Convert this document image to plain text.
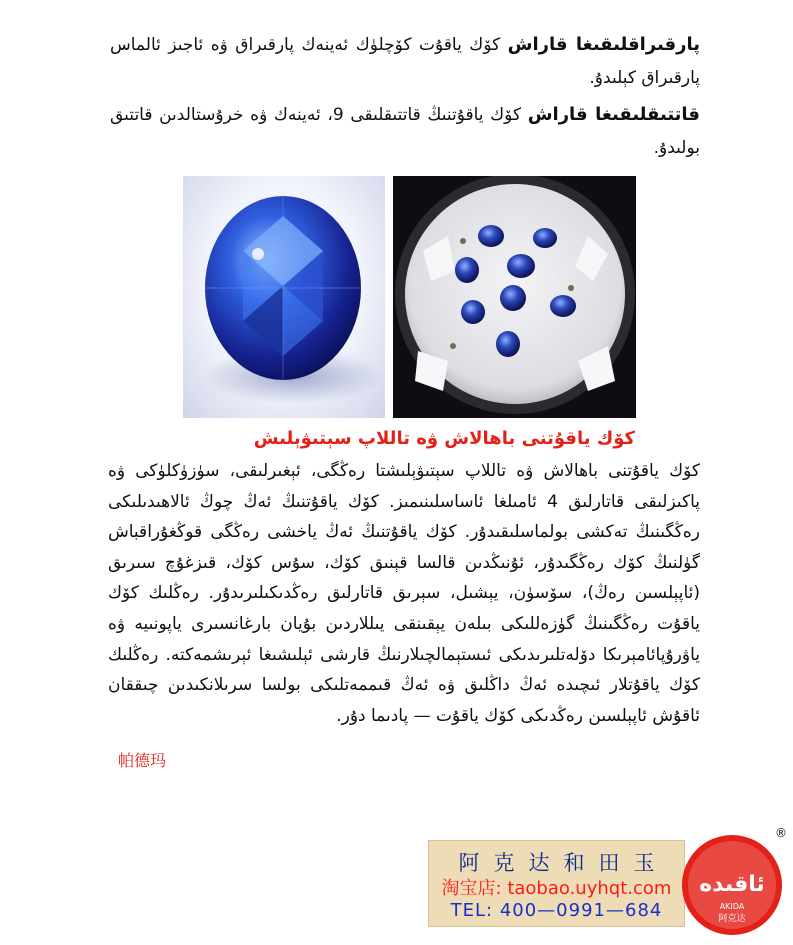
پارقىراقلىقىغا قاراش كۆك ياقۇت كۆچلۈك ئەينەك پارقىراق ۋە ئاجىز ئالماس پارقىراق كېلىدۇ.

قاتتىقلىقىغا قاراش كۆك ياقۇتنىڭ قاتتىقلىقى 9، ئەينەك ۋە خرۇستالدىن قاتتىق بولىدۇ.

كۆك ياقۇتنى باھالاش ۋە تاللاپ سېتىۋېلىش

كۆك ياقۇتنى باھالاش ۋە تاللاپ سېتىۋېلىشتا رەڭگى، ئېغىرلىقى، سۈزۈكلۈكى ۋە پاكىزلىقى قاتارلىق 4 ئامىلغا ئاساسلىنىمىز. كۆك ياقۇتنىڭ ئەڭ چوڭ ئالاھىدىلىكى رەڭگىنىڭ تەكشى بولماسلىقىدۇر. كۆك ياقۇتنىڭ ئەڭ ياخشى رەڭگى قوڭغۇراقباش گۈلنىڭ كۆك رەڭگىدۇر، ئۇنىڭدىن قالسا قېنىق كۆك، سۇس كۆك، قىزغۇچ سىرىق (ئاپېلسىن رەڭ)، سۆسۈن، يېشىل، سېرىق قاتارلىق رەڭدىكىلىرىدۇر. رەڭلىك كۆك ياقۇت رەڭگىنىڭ گۈزەللىكى بىلەن يېقىنقى يىللاردىن بۇيان بارغانسىرى ياپونىيە ۋە ياۋرۇپائامېرىكا دۆلەتلىرىدىكى ئىستېمالچىلارنىڭ قارشى ئېلىشىغا ئېرىشمەكتە. رەڭلىك كۆك ياقۇتلار ئىچىدە ئەڭ داڭلىق ۋە ئەڭ قىممەتلىكى بولسا سرىلانكىدىن چىققان ئاقۇش ئاپېلسىن رەڭدىكى كۆك ياقۇت — پادىما دۇر.

帕德玛
阿克达和田玉
淘宝店: taobao.uyhqt.com
TEL: 400—0991—684
ئاقىدە
AKIDA
阿克达
®
